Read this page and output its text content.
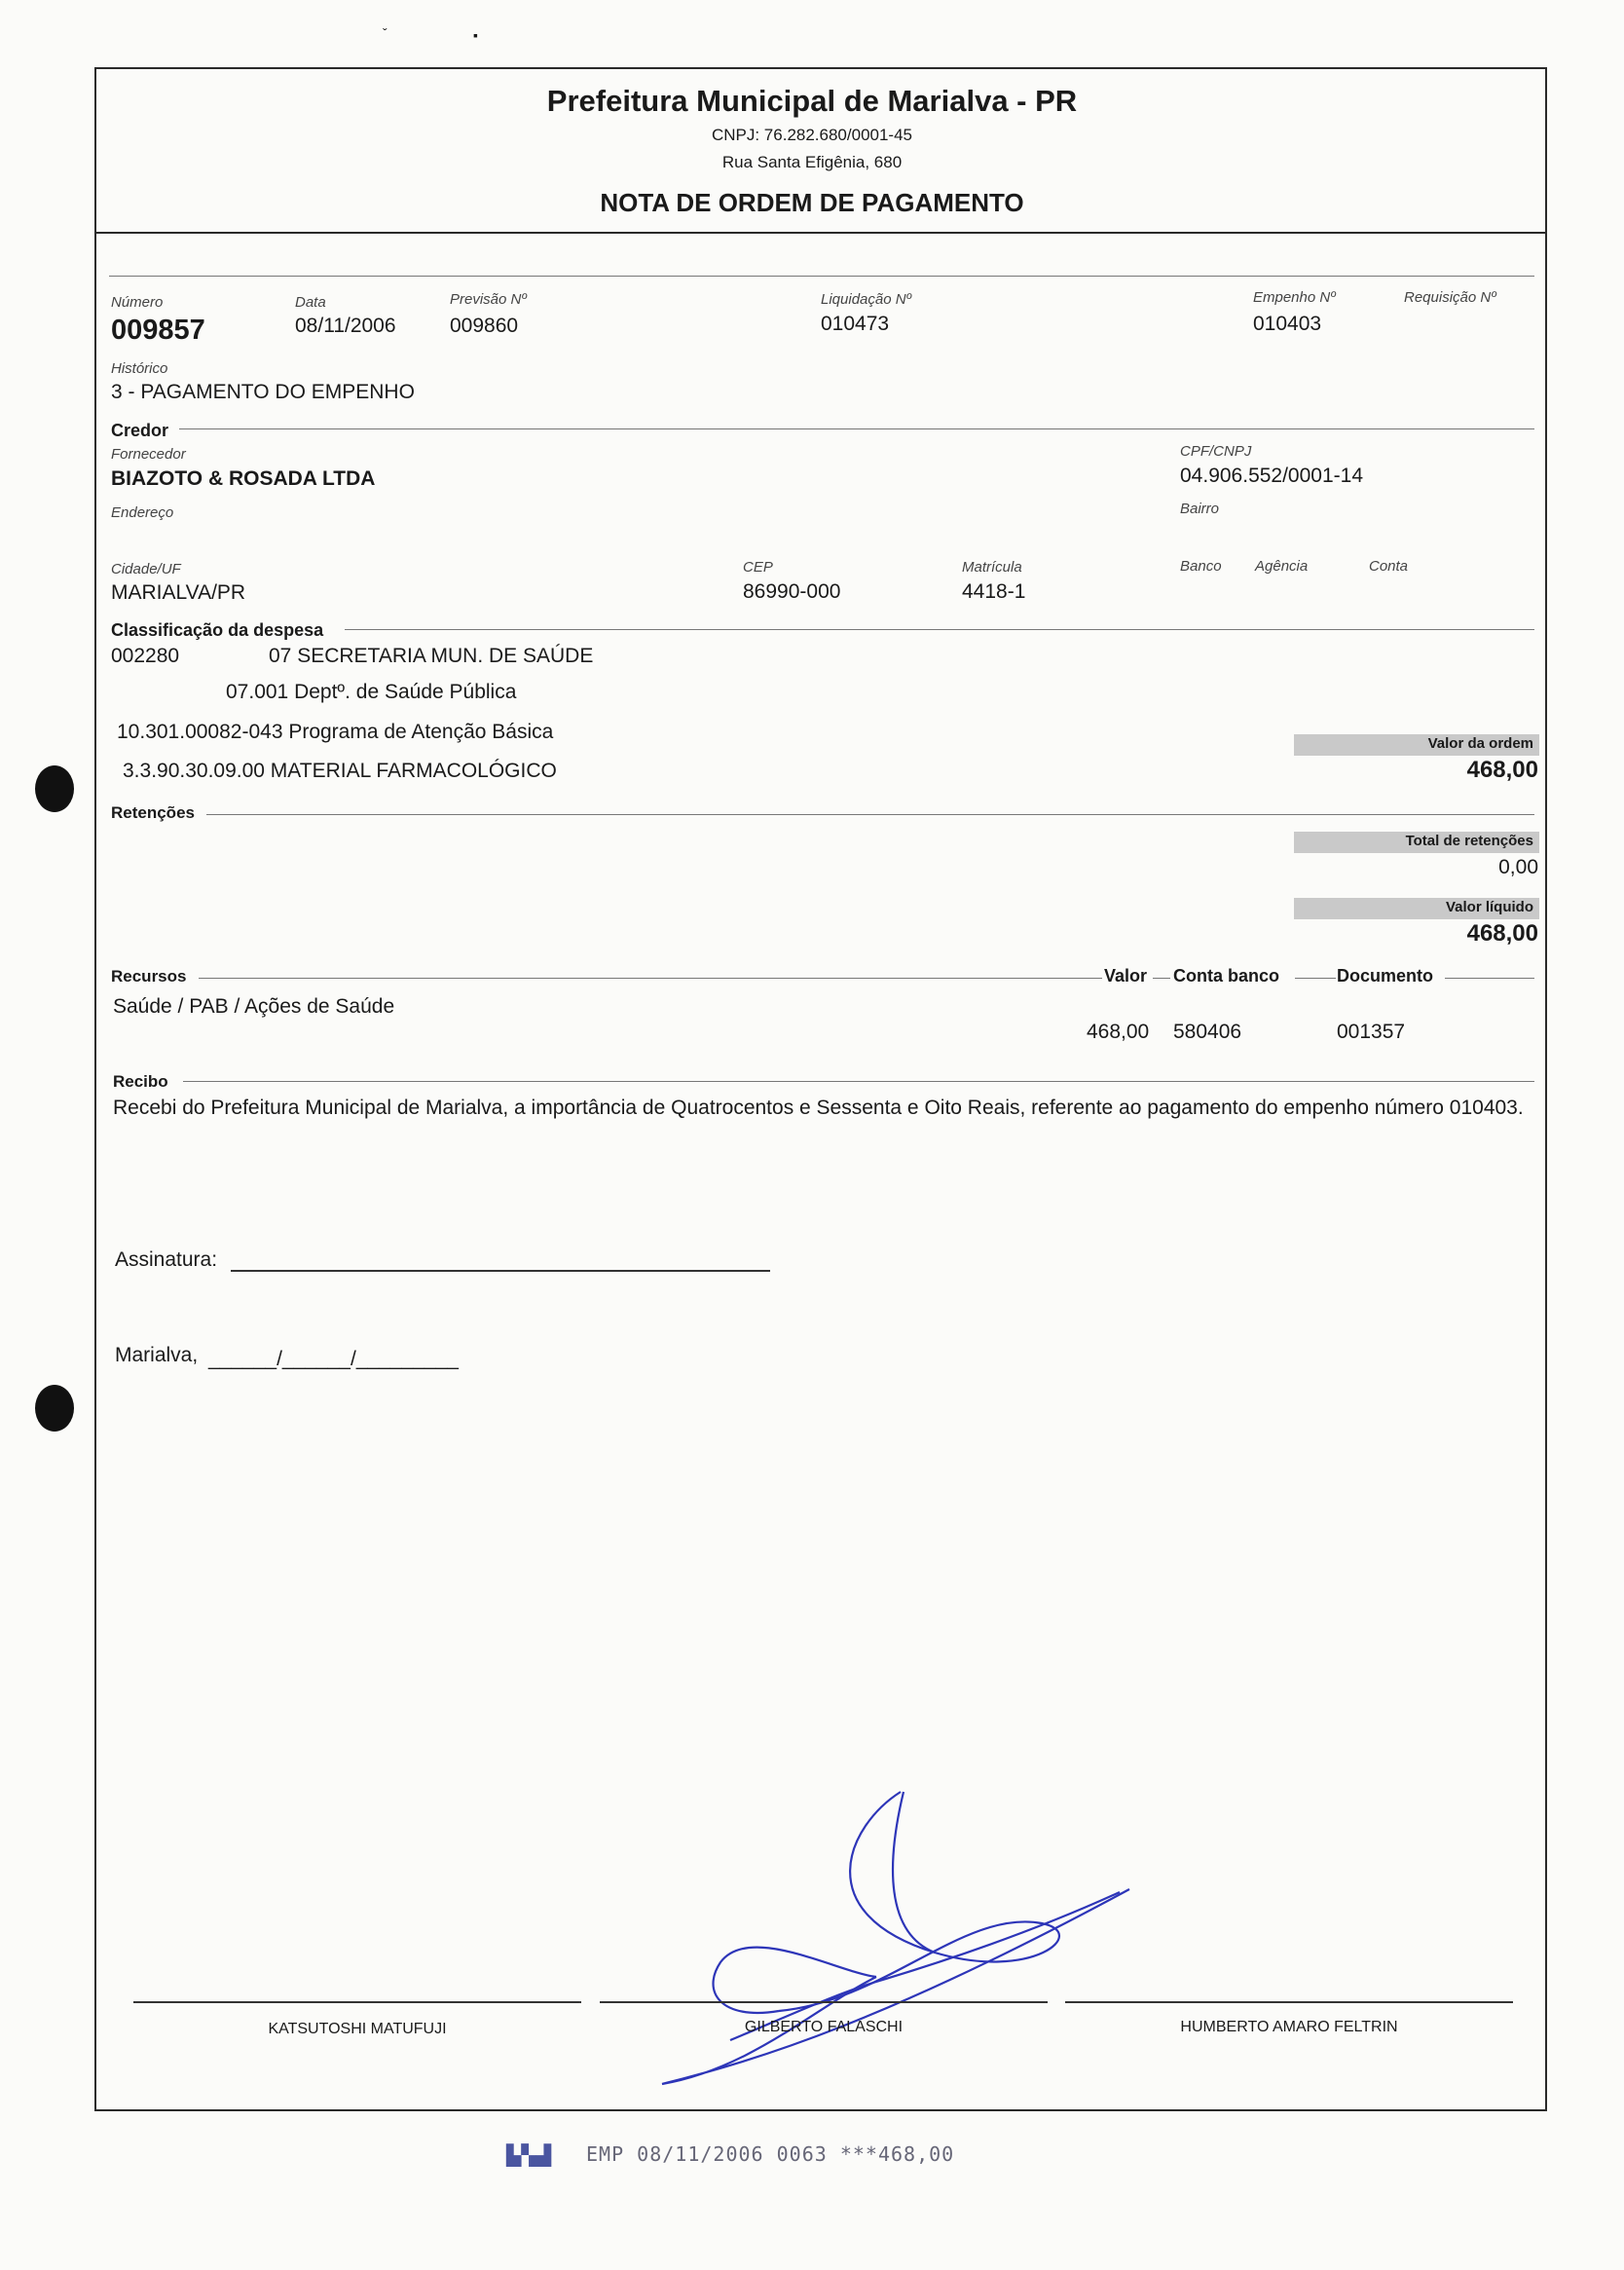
ˇ	▪
Prefeitura Municipal de Marialva - PR
CNPJ: 76.282.680/0001-45
Rua Santa Efigênia, 680
NOTA DE ORDEM DE PAGAMENTO
Número
009857
Data
08/11/2006
Previsão Nº
009860
Liquidação Nº
010473
Empenho Nº
010403
Requisição Nº
Histórico
3 - PAGAMENTO DO EMPENHO
Credor
Fornecedor
BIAZOTO & ROSADA LTDA
CPF/CNPJ
04.906.552/0001-14
Endereço	Bairro
Cidade/UF
MARIALVA/PR
CEP
86990-000
Matrícula
4418-1
Banco Agência	Conta
Classificação da despesa
002280	07 SECRETARIA MUN. DE SAÚDE
07.001 Deptº. de Saúde Pública
10.301.00082-043 Programa de Atenção Básica
3.3.90.30.09.00 MATERIAL FARMACOLÓGICO
Valor da ordem
468,00
Retenções
Total de retenções
0,00
Valor líquido
468,00
Recursos	Valor Conta banco	Documento
Saúde / PAB / Ações de Saúde
468,00 580406	001357
Recibo
Recebi do Prefeitura Municipal de Marialva, a importância de Quatrocentos e Sessenta e Oito Reais, referente ao pagamento do empenho número 010403.
Assinatura:
Marialva, ______/______/_________
KATSUTOSHI MATUFUJI	GILBERTO FALASCHI	HUMBERTO AMARO FELTRIN
▙▚▟ EMP 08/11/2006 0063 ***468,00
